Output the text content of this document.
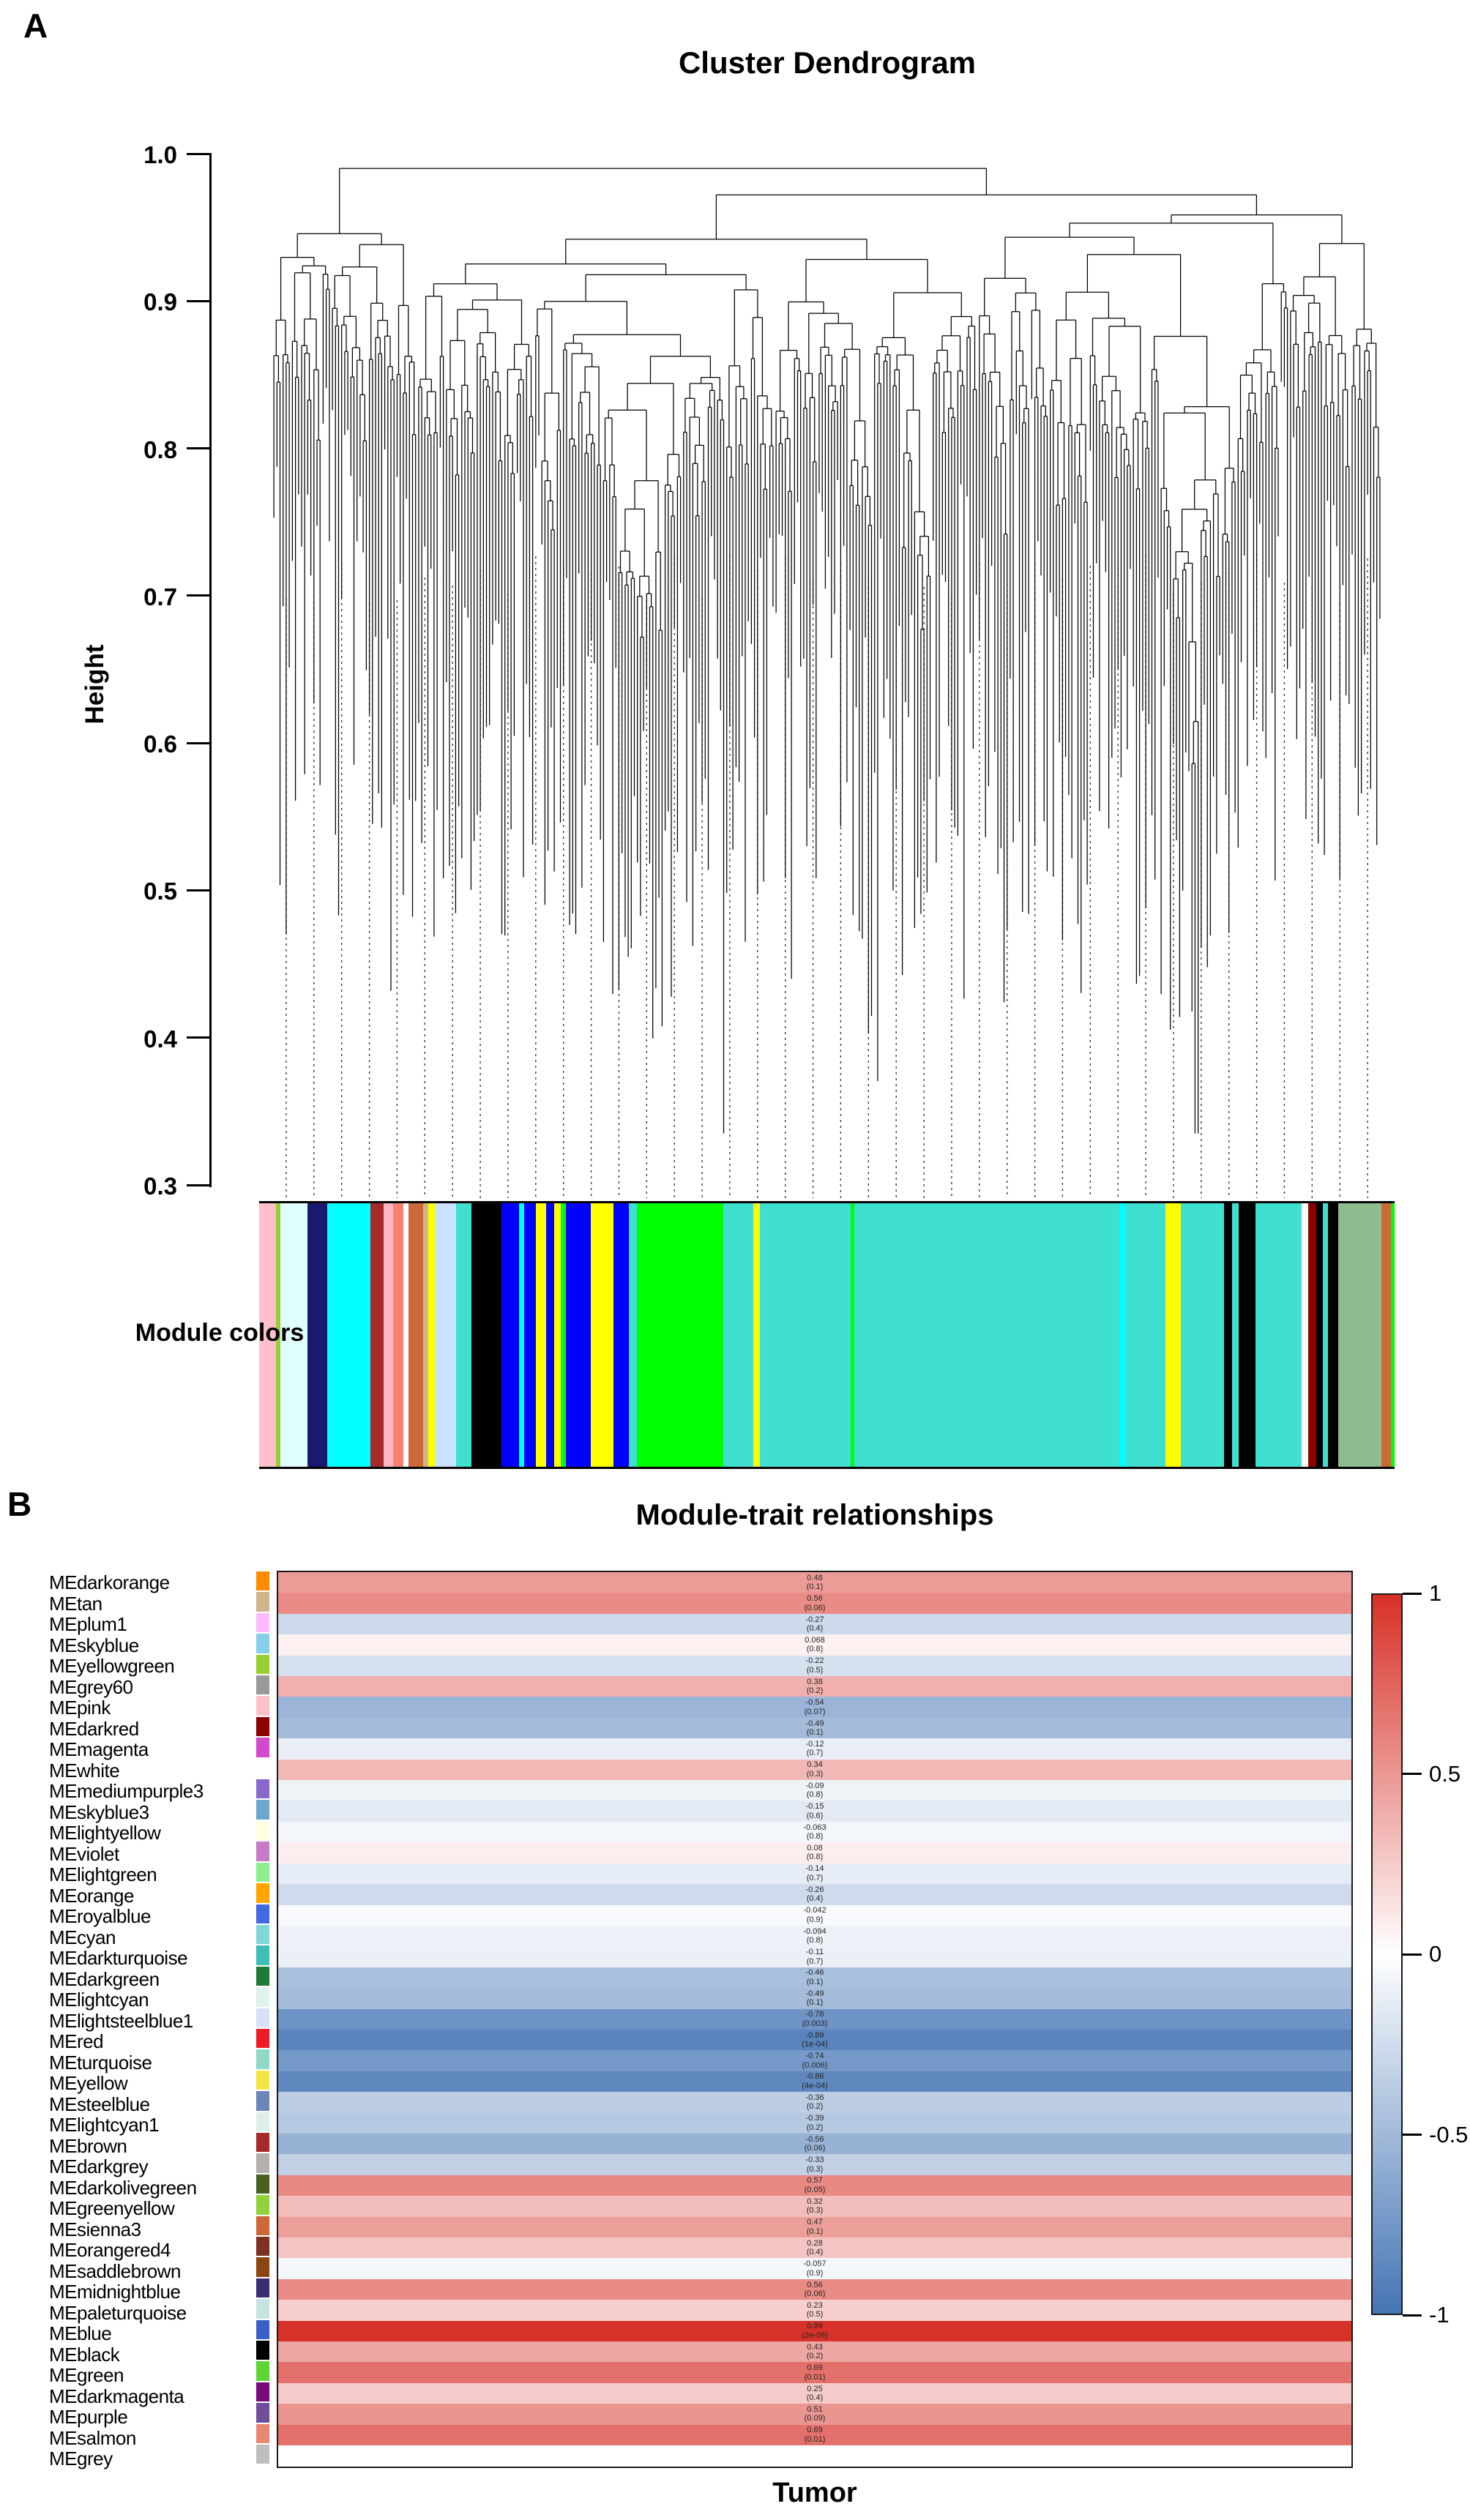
A
Cluster Dendrogram
1.0
0.9
0.8
0.7
0.6
0.5
0.4
0.3
Height
Module colors
B	Module-trait relationships
MEdarkorange
MEtan
MEplum1
MEskyblue
MEyellowgreen
MEgrey60
MEpink
MEdarkred
MEmagenta
MEwhite
MEmediumpurple3
MEskyblue3
MElightyellow
MEviolet
MElightgreen
MEorange
MEroyalblue
MEcyan
MEdarkturquoise
MEdarkgreen
MElightcyan
MElightsteelblue1
MEred
MEturquoise
MEyellow
MEsteelblue
MElightcyan1
MEbrown
MEdarkgrey
MEdarkolivegreen
MEgreenyellow
MEsienna3
MEorangered4
MEsaddlebrown
MEmidnightblue
MEpaleturquoise
MEblue
MEblack
MEgreen
MEdarkmagenta
MEpurple
MEsalmon
MEgrey
0.48
(0.1)
0.56
(0.06)
-0.27
(0.4)
0.068
(0.8)
-0.22
(0.5)
0.38
(0.2)
-0.54
(0.07)
-0.49
(0.1)
-0.12
(0.7)
0.34
(0.3)
-0.09
(0.8)
-0.15
(0.6)
-0.063
(0.8)
0.08
(0.8)
-0.14
(0.7)
-0.26
(0.4)
-0.042
(0.9)
-0.094
(0.8)
-0.11
(0.7)
-0.46
(0.1)
-0.49
(0.1)
-0.78
(0.003)
-0.89
(1e-04)
-0.74
(0.006)
-0.86
(4e-04)
-0.36
(0.2)
-0.39
(0.2)
-0.56
(0.06)
-0.33
(0.3)
0.57
(0.05)
0.32
(0.3)
0.47
(0.1)
0.28
(0.4)
-0.057
(0.9)
0.56
(0.06)
0.23
(0.5)
0.99
(2e-09)
0.43
(0.2)
0.69
(0.01)
0.25
(0.4)
0.51
(0.09)
0.69
(0.01)
1
0.5
0
-0.5
-1
Tumor
